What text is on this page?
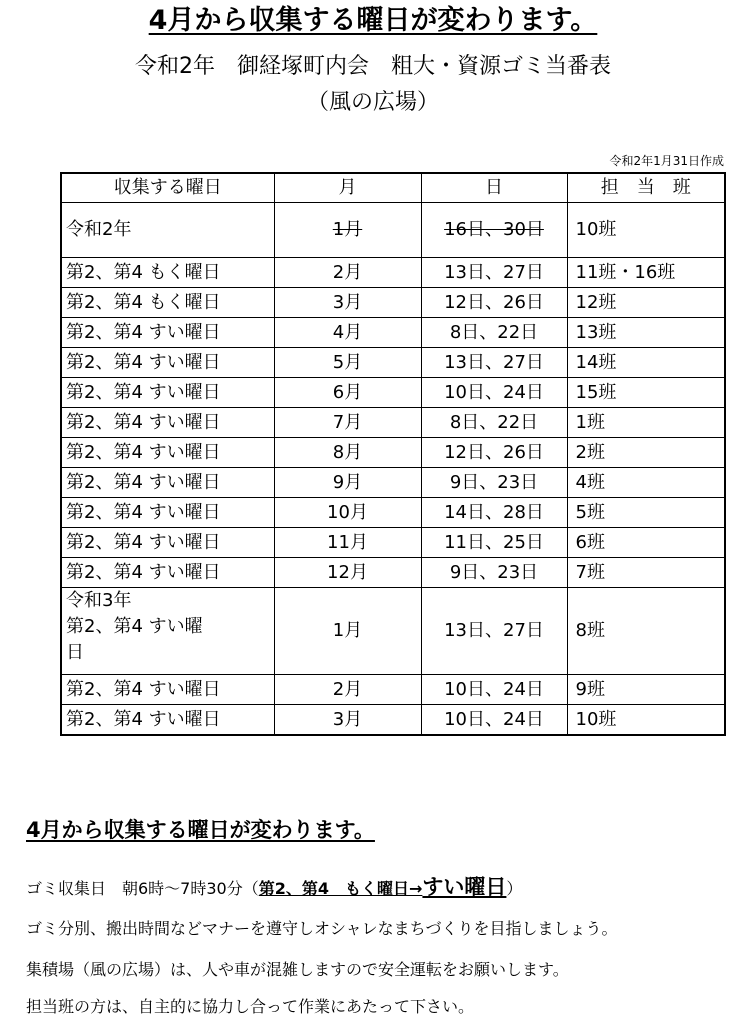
4月から収集する曜日が変わります。
令和2年　御経塚町内会　粗大・資源ゴミ当番表
（風の広場）
令和2年1月31日作成
収集する曜日	月	日	担　当　班
令和2年	1月	16日、30日	10班
第2、第4 もく曜日	2月	13日、27日	11班・16班
第2、第4 もく曜日	3月	12日、26日	12班
第2、第4 すい曜日	4月	8日、22日	13班
第2、第4 すい曜日	5月	13日、27日	14班
第2、第4 すい曜日	6月	10日、24日	15班
第2、第4 すい曜日	7月	8日、22日	1班
第2、第4 すい曜日	8月	12日、26日	2班
第2、第4 すい曜日	9月	9日、23日	4班
第2、第4 すい曜日	10月	14日、28日	5班
第2、第4 すい曜日	11月	11日、25日	6班
第2、第4 すい曜日	12月	9日、23日	7班

令和3年
第2、第4 すい曜
日	1月	13日、27日	8班
第2、第4 すい曜日	2月	10日、24日	9班
第2、第4 すい曜日	3月	10日、24日	10班
4月から収集する曜日が変わります。
ゴミ収集日　朝6時～7時30分（第2、第4　もく曜日→すい曜日）
ゴミ分別、搬出時間などマナーを遵守しオシャレなまちづくりを目指しましょう。
集積場（風の広場）は、人や車が混雑しますので安全運転をお願いします。
担当班の方は、自主的に協力し合って作業にあたって下さい。
